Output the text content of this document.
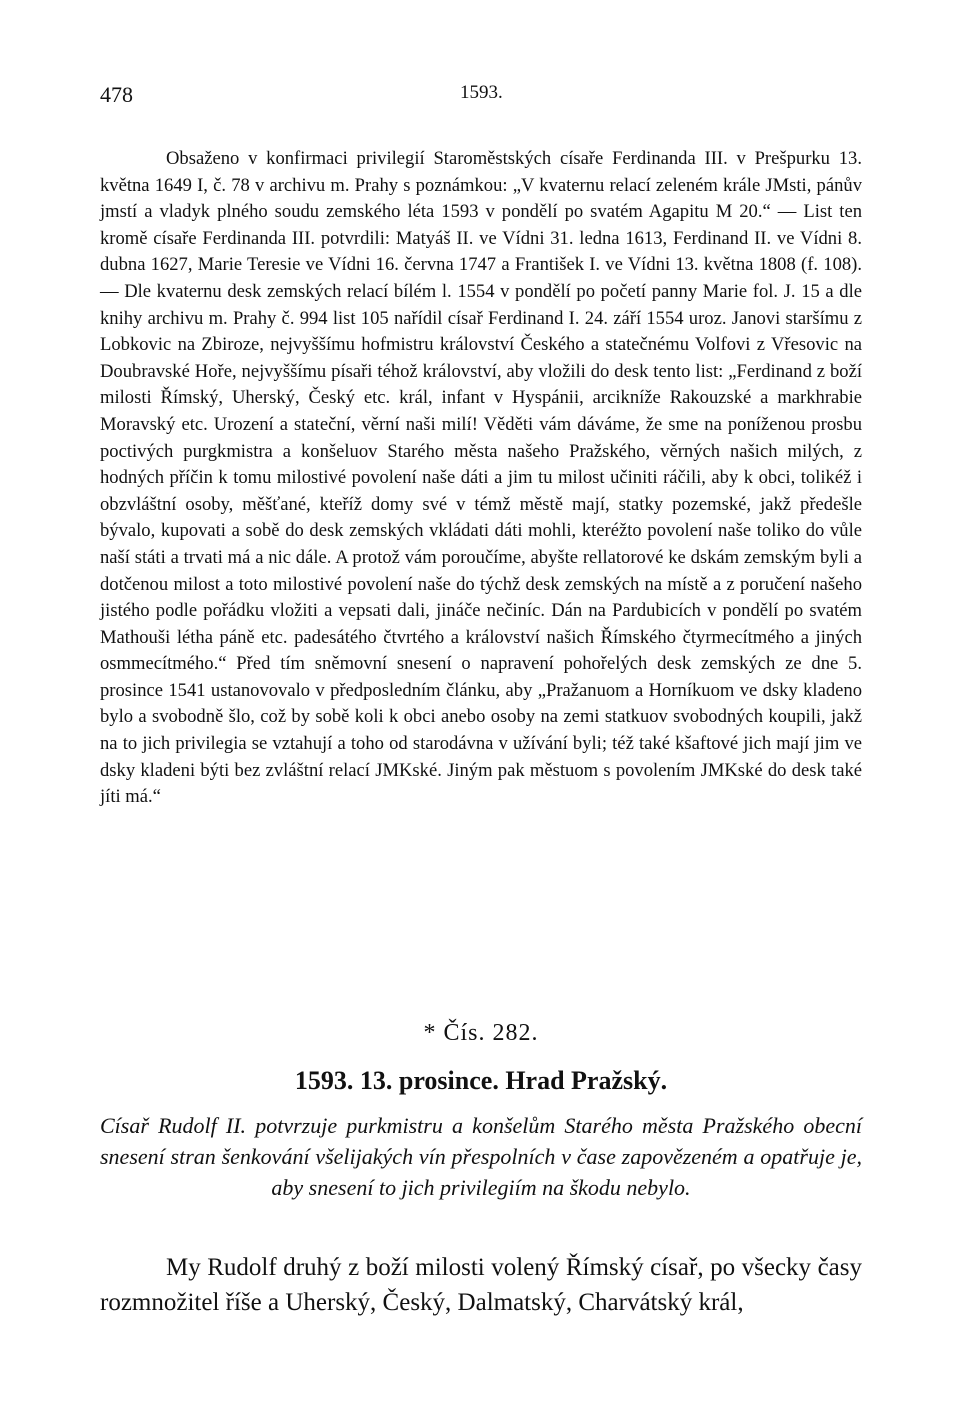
478	1593.

Obsaženo v konfirmaci privilegií Staroměstských císaře Ferdinanda III. v Prešpurku 13. května 1649 I, č. 78 v archivu m. Prahy s poznámkou: „V kvaternu relací zeleném krále JMsti, pánův jmstí a vladyk plného soudu zemského léta 1593 v pondělí po svatém Agapitu M 20.“ — List ten kromě císaře Ferdinanda III. potvrdili: Matyáš II. ve Vídni 31. ledna 1613, Ferdinand II. ve Vídni 8. dubna 1627, Marie Teresie ve Vídni 16. června 1747 a František I. ve Vídni 13. května 1808 (f. 108). — Dle kvaternu desk zemských relací bílém l. 1554 v pondělí po početí panny Marie fol. J. 15 a dle knihy archivu m. Prahy č. 994 list 105 nařídil císař Ferdinand I. 24. září 1554 uroz. Janovi staršímu z Lobkovic na Zbiroze, nejvyššímu hofmistru království Českého a statečnému Volfovi z Vřesovic na Doubravské Hoře, nejvyššímu písaři téhož království, aby vložili do desk tento list: „Ferdinand z boží milosti Římský, Uherský, Český etc. král, infant v Hyspánii, arcikníže Rakouzské a markhrabie Moravský etc. Urození a stateční, věrní naši milí! Věděti vám dáváme, že sme na poníženou prosbu poctivých purgkmistra a konšeluov Starého města našeho Pražského, věrných našich milých, z hodných příčin k tomu milostivé povolení naše dáti a jim tu milost učiniti ráčili, aby k obci, tolikéž i obzvláštní osoby, měšťané, kteříž domy své v témž městě mají, statky pozemské, jakž předešle bývalo, kupovati a sobě do desk zemských vkládati dáti mohli, kteréžto povolení naše toliko do vůle naší státi a trvati má a nic dále. A protož vám poroučíme, abyšte rellatorové ke dskám zemským byli a dotčenou milost a toto milostivé povolení naše do týchž desk zemských na místě a z poručení našeho jistého podle pořádku vložiti a vepsati dali, jináče nečiníc. Dán na Pardubicích v pondělí po svatém Mathouši létha páně etc. padesátého čtvrtého a království našich Římského čtyrmecítmého a jiných osmmecítmého.“ Před tím sněmovní snesení o napravení pohořelých desk zemských ze dne 5. prosince 1541 ustanovovalo v předposledním článku, aby „Pražanuom a Horníkuom ve dsky kladeno bylo a svobodně šlo, což by sobě koli k obci anebo osoby na zemi statkuov svobodných koupili, jakž na to jich privilegia se vztahují a toho od starodávna v užívání byli; též také kšaftové jich mají jim ve dsky kladeni býti bez zvláštní relací JMKské. Jiným pak městuom s povolením JMKské do desk také jíti má.“

* Čís. 282.
1593. 13. prosince. Hrad Pražský.

Císař Rudolf II. potvrzuje purkmistru a konšelům Starého města Pražského obecní snesení stran šenkování všelijakých vín přespolních v čase zapovězeném a opatřuje je, aby snesení to jich privilegiím na škodu nebylo.

My Rudolf druhý z boží milosti volený Římský císař, po všecky časy rozmnožitel říše a Uherský, Český, Dalmatský, Charvátský král,
